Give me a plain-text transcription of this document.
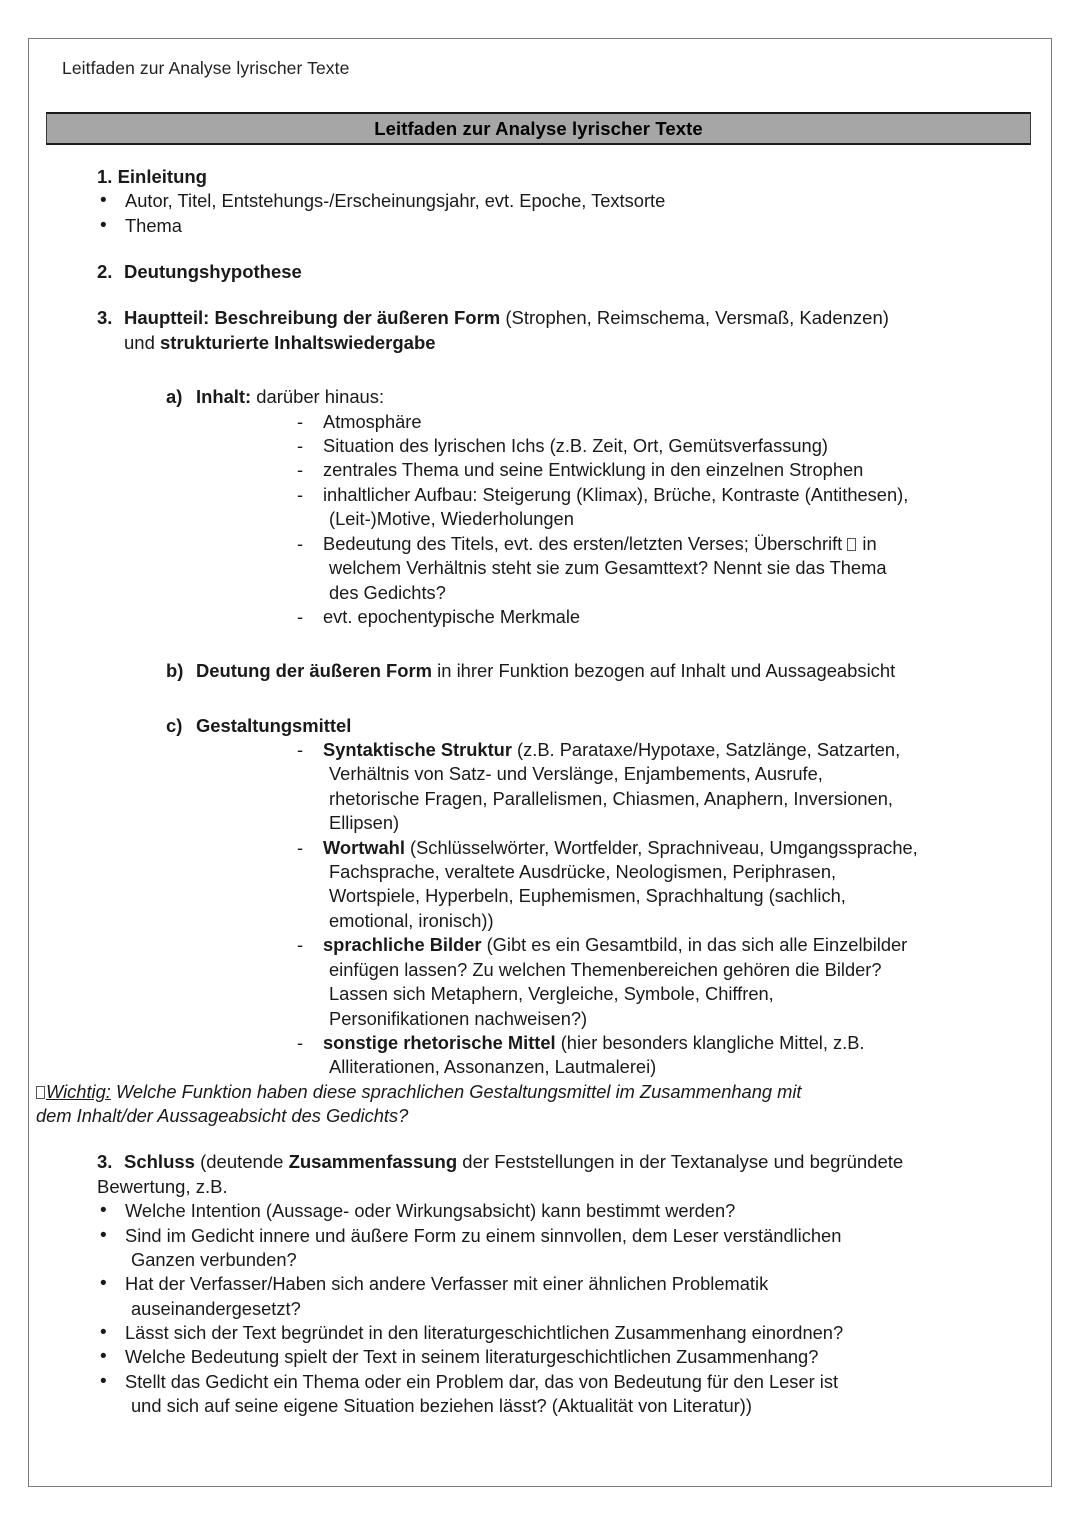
Leitfaden zur Analyse lyrischer Texte
Leitfaden zur Analyse lyrischer Texte
1. Einleitung
• Autor, Titel, Entstehungs-/Erscheinungsjahr, evt. Epoche, Textsorte
• Thema
2. Deutungshypothese
3. Hauptteil: Beschreibung der äußeren Form (Strophen, Reimschema, Versmaß, Kadenzen)
und strukturierte Inhaltswiedergabe
a) Inhalt: darüber hinaus:
- Atmosphäre
- Situation des lyrischen Ichs (z.B. Zeit, Ort, Gemütsverfassung)
- zentrales Thema und seine Entwicklung in den einzelnen Strophen
- inhaltlicher Aufbau: Steigerung (Klimax), Brüche, Kontraste (Antithesen),
(Leit-)Motive, Wiederholungen
- Bedeutung des Titels, evt. des ersten/letzten Verses; Überschrift  in
welchem Verhältnis steht sie zum Gesamttext? Nennt sie das Thema
des Gedichts?
- evt. epochentypische Merkmale
b) Deutung der äußeren Form in ihrer Funktion bezogen auf Inhalt und Aussageabsicht
c) Gestaltungsmittel
- Syntaktische Struktur (z.B. Parataxe/Hypotaxe, Satzlänge, Satzarten,
Verhältnis von Satz- und Verslänge, Enjambements, Ausrufe,
rhetorische Fragen, Parallelismen, Chiasmen, Anaphern, Inversionen,
Ellipsen)
- Wortwahl (Schlüsselwörter, Wortfelder, Sprachniveau, Umgangssprache,
Fachsprache, veraltete Ausdrücke, Neologismen, Periphrasen,
Wortspiele, Hyperbeln, Euphemismen, Sprachhaltung (sachlich,
emotional, ironisch))
- sprachliche Bilder (Gibt es ein Gesamtbild, in das sich alle Einzelbilder
einfügen lassen? Zu welchen Themenbereichen gehören die Bilder?
Lassen sich Metaphern, Vergleiche, Symbole, Chiffren,
Personifikationen nachweisen?)
- sonstige rhetorische Mittel (hier besonders klangliche Mittel, z.B.
Alliterationen, Assonanzen, Lautmalerei)
Wichtig: Welche Funktion haben diese sprachlichen Gestaltungsmittel im Zusammenhang mit
dem Inhalt/der Aussageabsicht des Gedichts?
3. Schluss (deutende Zusammenfassung der Feststellungen in der Textanalyse und begründete
Bewertung, z.B.
• Welche Intention (Aussage- oder Wirkungsabsicht) kann bestimmt werden?
• Sind im Gedicht innere und äußere Form zu einem sinnvollen, dem Leser verständlichen
Ganzen verbunden?
• Hat der Verfasser/Haben sich andere Verfasser mit einer ähnlichen Problematik
auseinandergesetzt?
• Lässt sich der Text begründet in den literaturgeschichtlichen Zusammenhang einordnen?
• Welche Bedeutung spielt der Text in seinem literaturgeschichtlichen Zusammenhang?
• Stellt das Gedicht ein Thema oder ein Problem dar, das von Bedeutung für den Leser ist
und sich auf seine eigene Situation beziehen lässt? (Aktualität von Literatur))
